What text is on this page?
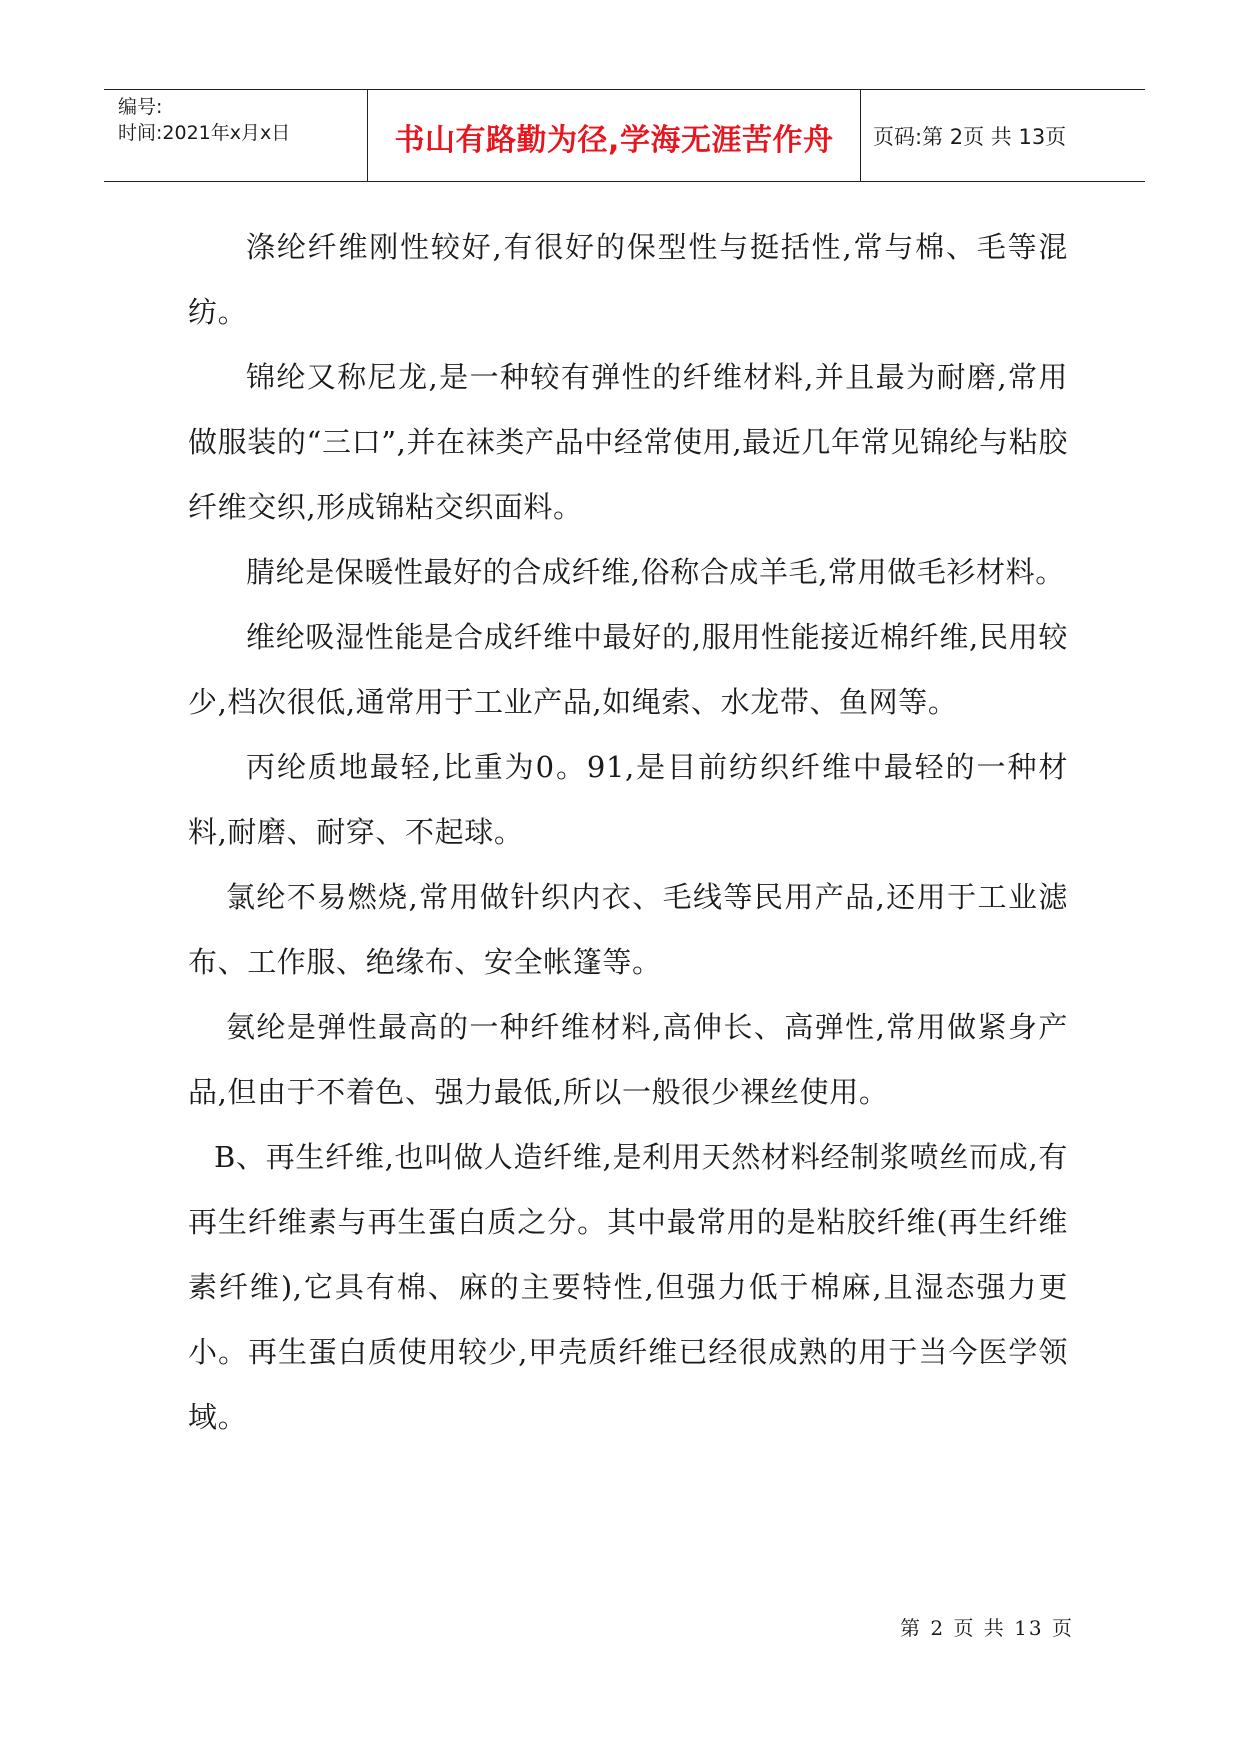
编号:
时间:2021年x月x日	书山有路勤为径,学海无涯苦作舟	页码:第 2页 共 13页

涤纶纤维刚性较好,有很好的保型性与挺括性,常与棉、毛等混纺。

锦纶又称尼龙,是一种较有弹性的纤维材料,并且最为耐磨,常用做服装的“三口”,并在袜类产品中经常使用,最近几年常见锦纶与粘胶纤维交织,形成锦粘交织面料。

腈纶是保暖性最好的合成纤维,俗称合成羊毛,常用做毛衫材料。

维纶吸湿性能是合成纤维中最好的,服用性能接近棉纤维,民用较少,档次很低,通常用于工业产品,如绳索、水龙带、鱼网等。

丙纶质地最轻,比重为0。91,是目前纺织纤维中最轻的一种材料,耐磨、耐穿、不起球。

氯纶不易燃烧,常用做针织内衣、毛线等民用产品,还用于工业滤布、工作服、绝缘布、安全帐篷等。

氨纶是弹性最高的一种纤维材料,高伸长、高弹性,常用做紧身产品,但由于不着色、强力最低,所以一般很少裸丝使用。

B、再生纤维,也叫做人造纤维,是利用天然材料经制浆喷丝而成,有再生纤维素与再生蛋白质之分。其中最常用的是粘胶纤维(再生纤维素纤维),它具有棉、麻的主要特性,但强力低于棉麻,且湿态强力更小。再生蛋白质使用较少,甲壳质纤维已经很成熟的用于当今医学领域。

第 2 页 共 13 页
